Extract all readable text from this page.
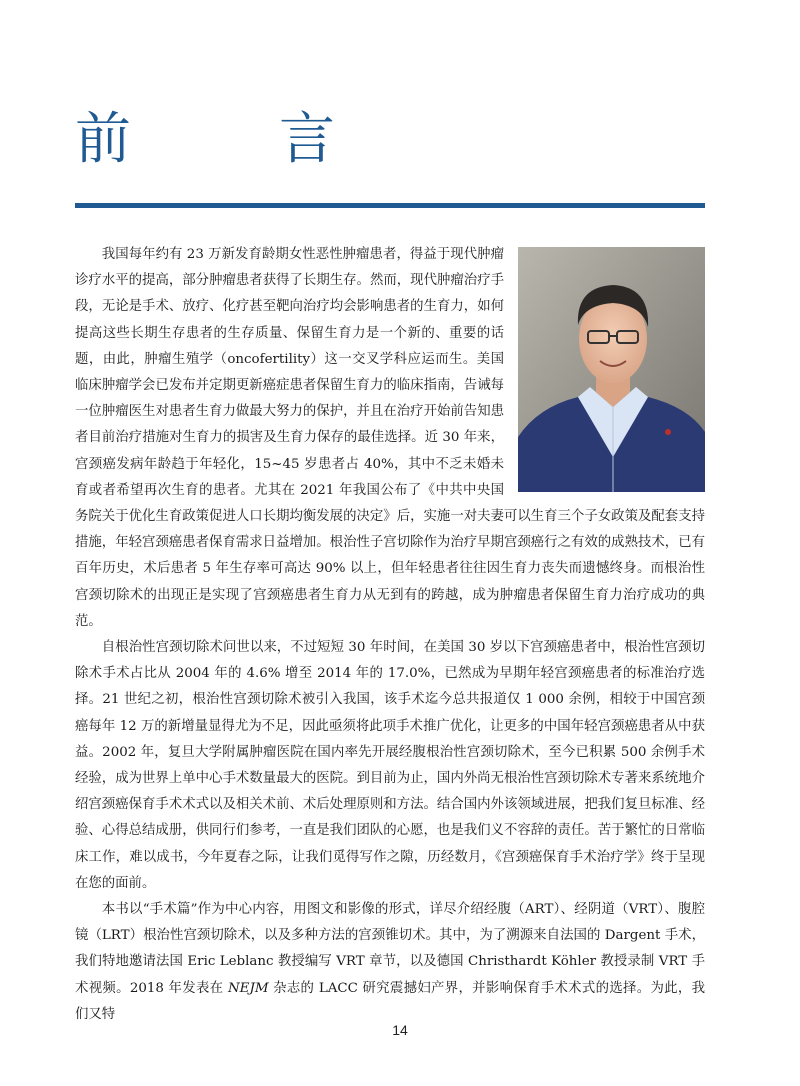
前　言

我国每年约有 23 万新发育龄期女性恶性肿瘤患者，得益于现代肿瘤诊疗水平的提高，部分肿瘤患者获得了长期生存。然而，现代肿瘤治疗手段，无论是手术、放疗、化疗甚至靶向治疗均会影响患者的生育力，如何提高这些长期生存患者的生存质量、保留生育力是一个新的、重要的话题，由此，肿瘤生殖学（oncofertility）这一交叉学科应运而生。美国临床肿瘤学会已发布并定期更新癌症患者保留生育力的临床指南，告诫每一位肿瘤医生对患者生育力做最大努力的保护，并且在治疗开始前告知患者目前治疗措施对生育力的损害及生育力保存的最佳选择。近 30 年来，宫颈癌发病年龄趋于年轻化，15~45 岁患者占 40%，其中不乏未婚未育或者希望再次生育的患者。尤其在 2021 年我国公布了《中共中央国务院关于优化生育政策促进人口长期均衡发展的决定》后，实施一对夫妻可以生育三个子女政策及配套支持措施，年轻宫颈癌患者保育需求日益增加。根治性子宫切除作为治疗早期宫颈癌行之有效的成熟技术，已有百年历史，术后患者 5 年生存率可高达 90% 以上，但年轻患者往往因生育力丧失而遗憾终身。而根治性宫颈切除术的出现正是实现了宫颈癌患者生育力从无到有的跨越，成为肿瘤患者保留生育力治疗成功的典范。

自根治性宫颈切除术问世以来，不过短短 30 年时间，在美国 30 岁以下宫颈癌患者中，根治性宫颈切除术手术占比从 2004 年的 4.6% 增至 2014 年的 17.0%，已然成为早期年轻宫颈癌患者的标准治疗选择。21 世纪之初，根治性宫颈切除术被引入我国，该手术迄今总共报道仅 1 000 余例，相较于中国宫颈癌每年 12 万的新增量显得尤为不足，因此亟须将此项手术推广优化，让更多的中国年轻宫颈癌患者从中获益。2002 年，复旦大学附属肿瘤医院在国内率先开展经腹根治性宫颈切除术，至今已积累 500 余例手术经验，成为世界上单中心手术数量最大的医院。到目前为止，国内外尚无根治性宫颈切除术专著来系统地介绍宫颈癌保育手术术式以及相关术前、术后处理原则和方法。结合国内外该领域进展，把我们复旦标准、经验、心得总结成册，供同行们参考，一直是我们团队的心愿，也是我们义不容辞的责任。苦于繁忙的日常临床工作，难以成书，今年夏春之际，让我们觅得写作之隙，历经数月，《宫颈癌保育手术治疗学》终于呈现在您的面前。

本书以“手术篇”作为中心内容，用图文和影像的形式，详尽介绍经腹（ART）、经阴道（VRT）、腹腔镜（LRT）根治性宫颈切除术，以及多种方法的宫颈锥切术。其中，为了溯源来自法国的 Dargent 手术，我们特地邀请法国 Eric Leblanc 教授编写 VRT 章节，以及德国 Christhardt Köhler 教授录制 VRT 手术视频。2018 年发表在 NEJM 杂志的 LACC 研究震撼妇产界，并影响保育手术术式的选择。为此，我们又特

14
